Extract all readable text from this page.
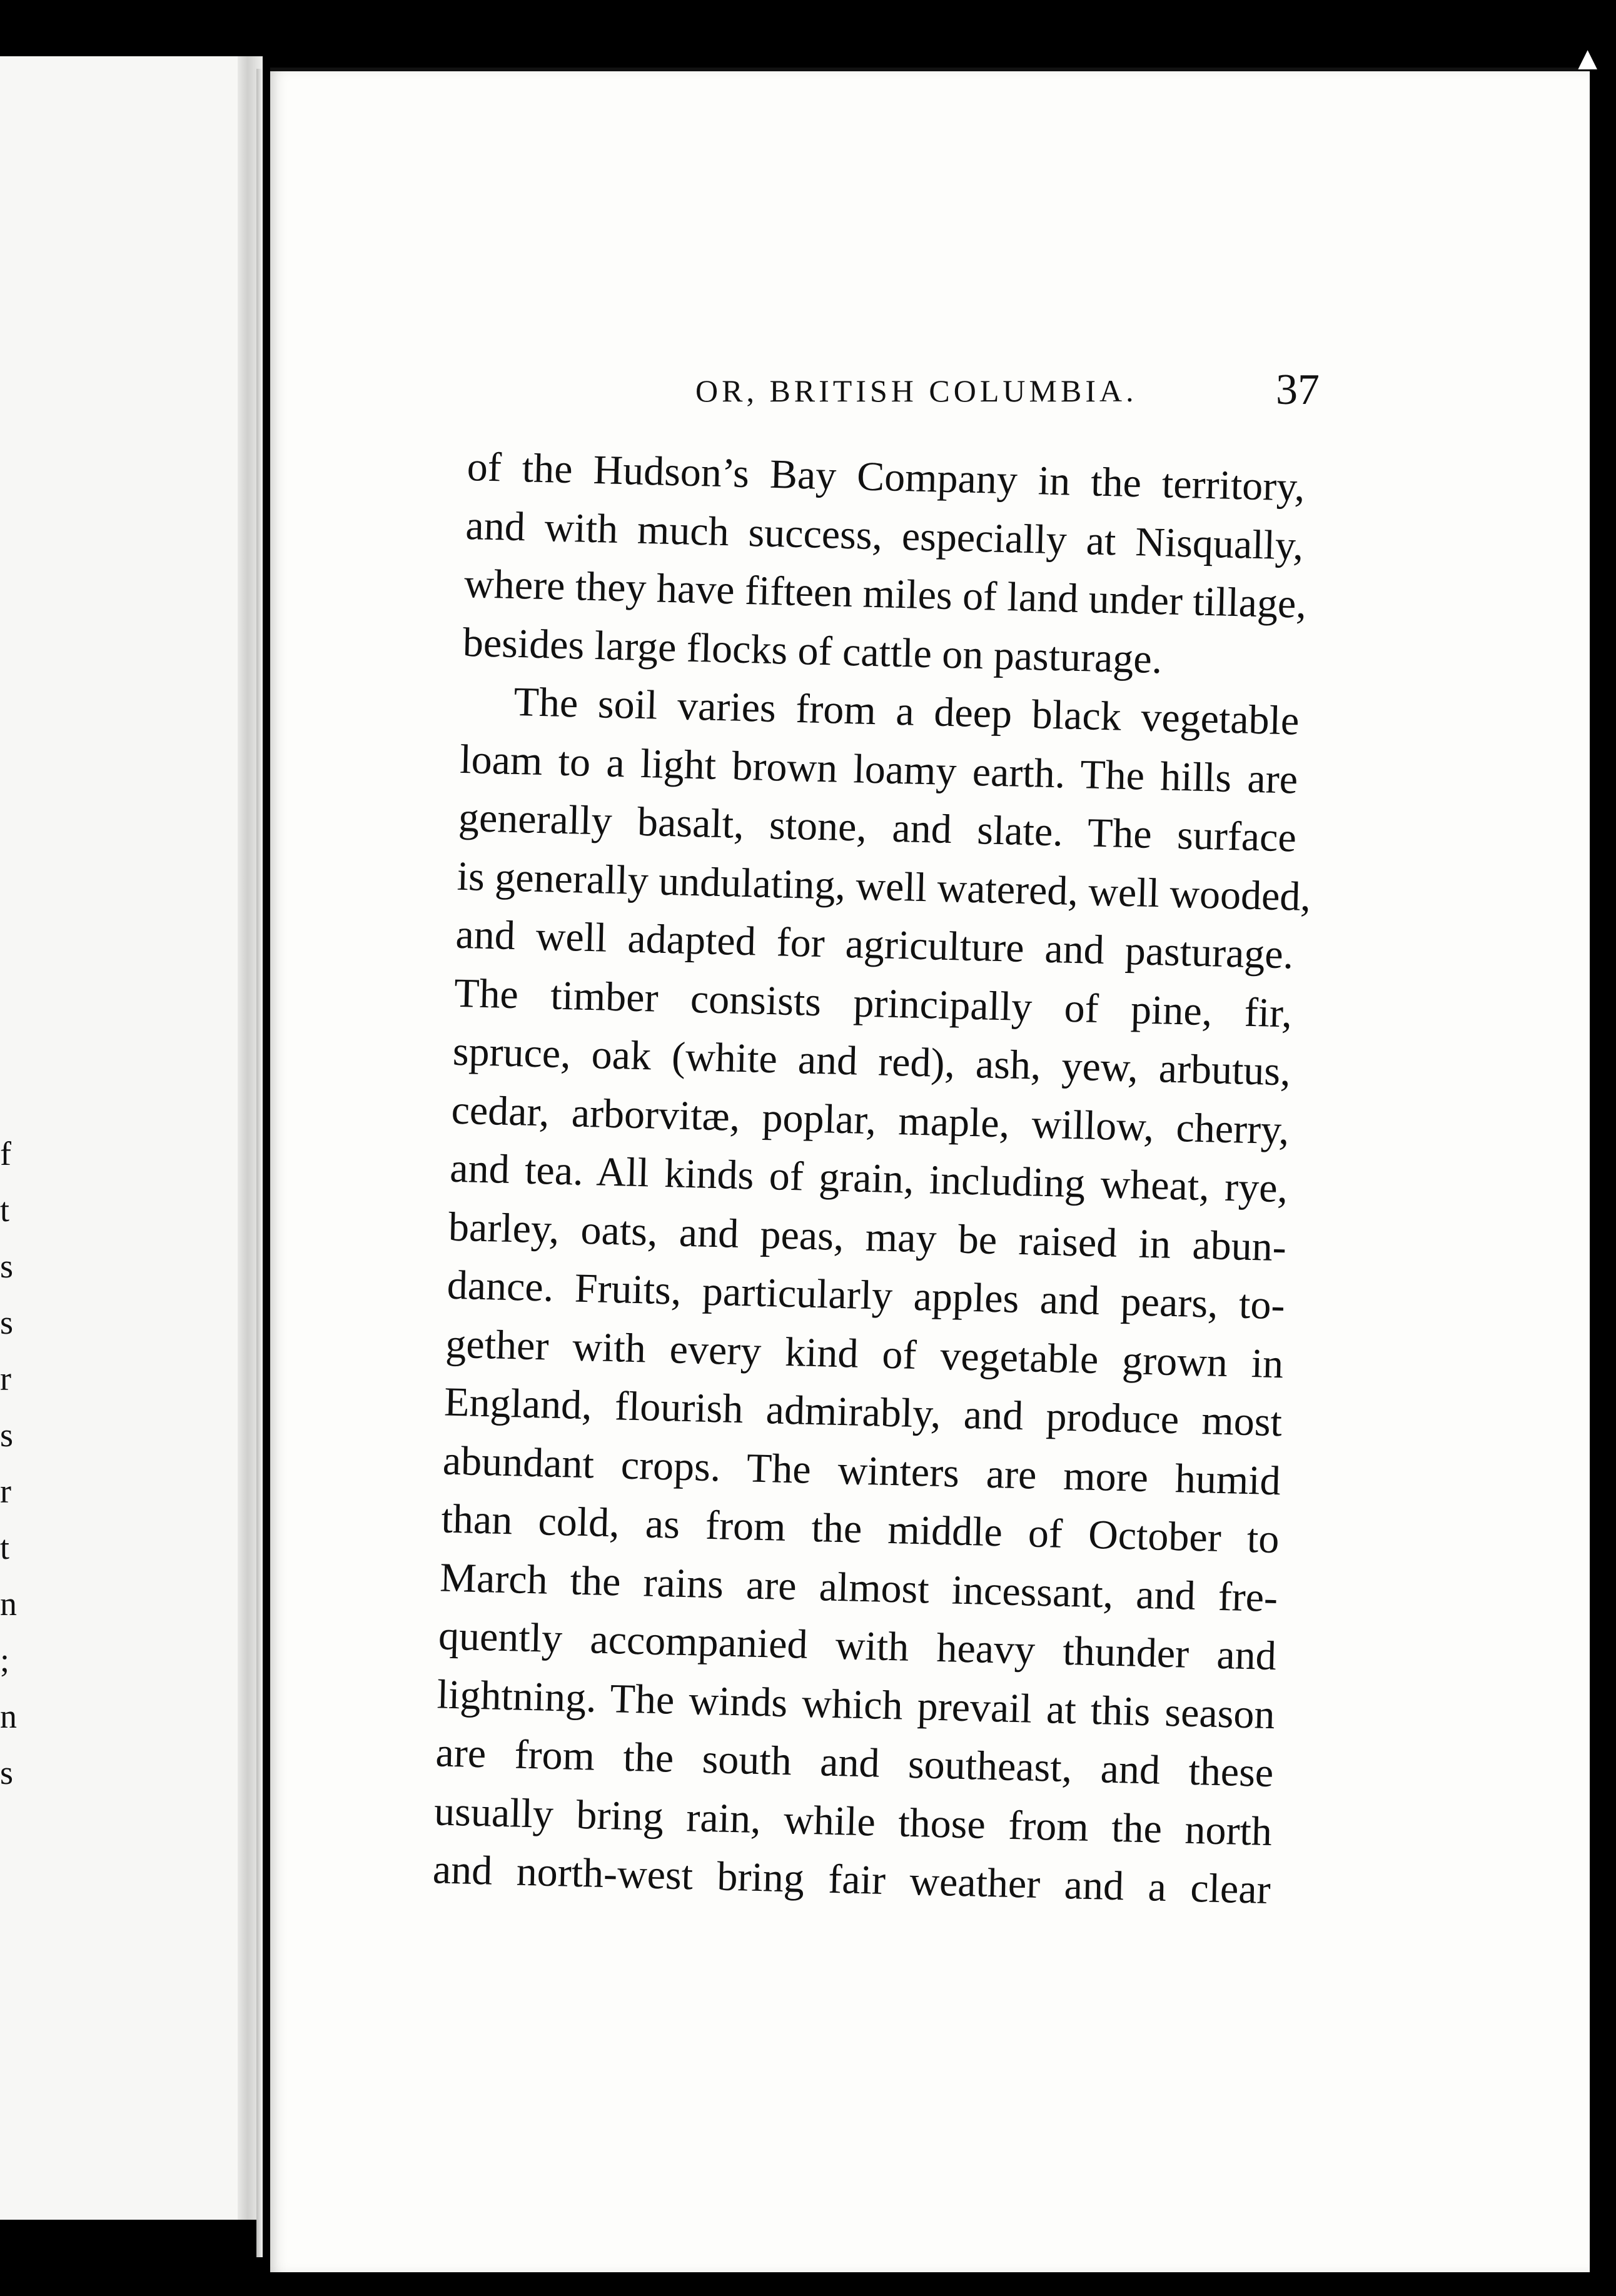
f
t
s
s
r
s
r
t
n
;
n
s
OR, BRITISH COLUMBIA.	37
of the Hudson’s Bay Company in the territory,
and with much success, especially at Nisqually,
where they have fifteen miles of land under tillage,
besides large flocks of cattle on pasturage.
The soil varies from a deep black vegetable
loam to a light brown loamy earth. The hills are
generally basalt, stone, and slate. The surface
is generally undulating, well watered, well wooded,
and well adapted for agriculture and pasturage.
The timber consists principally of pine, fir,
spruce, oak (white and red), ash, yew, arbutus,
cedar, arborvitæ, poplar, maple, willow, cherry,
and tea. All kinds of grain, including wheat, rye,
barley, oats, and peas, may be raised in abun-
dance. Fruits, particularly apples and pears, to-
gether with every kind of vegetable grown in
England, flourish admirably, and produce most
abundant crops. The winters are more humid
than cold, as from the middle of October to
March the rains are almost incessant, and fre-
quently accompanied with heavy thunder and
lightning. The winds which prevail at this season
are from the south and southeast, and these
usually bring rain, while those from the north
and north-west bring fair weather and a clear
▲
